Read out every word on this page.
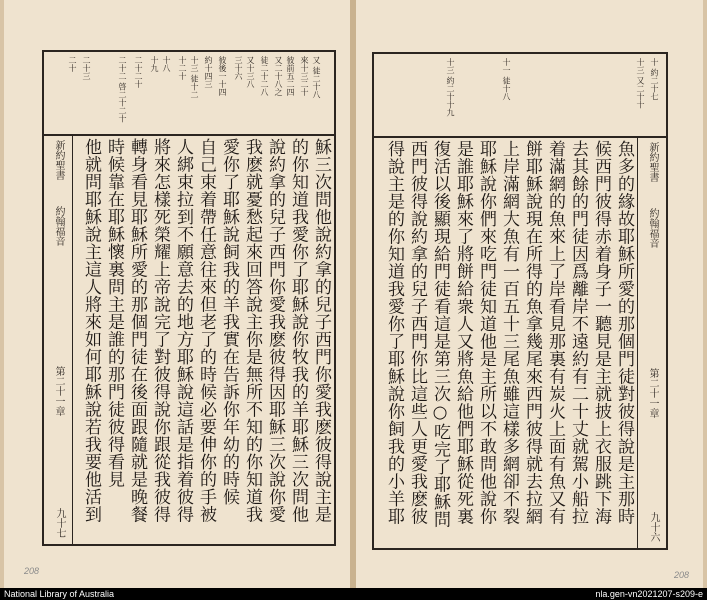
又 徒二十八
來十三二十
彼前五二四
又二十八之
徒二十二八
又十三八
三十六
彼後一十四
約十四三
十三 徒十二
十二十
十八
十九
二十二十
二十二 啓二十二十
二十三
二十
新約聖書
約翰福音
第二十一章
九十七	穌三次問他說約拿的兒子西門你愛我麽彼得說主是
的你知道我愛你了耶穌說你牧我的羊耶穌三次問他
說約拿的兒子西門你愛我麽彼得因耶穌三次說你愛
我麽就憂愁起來回答說主你是無所不知的你知道我
愛你了耶穌說飼我的羊我實在告訴你年幼的時候
自己束着帶任意往來但老了的時候必要伸你的手被
人綁束拉到不願意去的地方耶穌說這話是指着彼得
將來怎樣死榮耀上帝說完了對彼得說你跟從我彼得
轉身看見耶穌所愛的那個門徒在後面跟隨就是晚餐
時候靠在耶穌懷裏問主是誰的那門徒彼得看見
他就問耶穌說主這人將來如何耶穌說若我要他活到
208	208
十 約二十七
十三 又二十十
十一 徒十八
十三 約二十十九
新約聖書
約翰福音
第二十一章
九十六
魚多的緣故耶穌所愛的那個門徒對彼得說是主那時
候西門彼得赤着身子一聽見是主就披上衣服跳下海
去其餘的門徒因爲離岸不遠約有二十丈就駕小船拉
着滿網的魚來上了岸看見那裏有炭火上面有魚又有
餅耶穌說現在所得的魚拿幾尾來西門彼得就去拉網
上岸滿網大魚有一百五十三尾魚雖這樣多網卻不裂
耶穌說你們來吃門徒知道他是主所以不敢問他說你
是誰耶穌來了將餅給衆人又將魚給他們耶穌從死裏
復活以後顯現給門徒看這是第三次○吃完了耶穌問
西門彼得說約拿的兒子西門你比這些人更愛我麽彼
得說主是的你知道我愛你了耶穌說你飼我的小羊耶
National Library of Australia	nla.gen-vn2021207-s209-e
